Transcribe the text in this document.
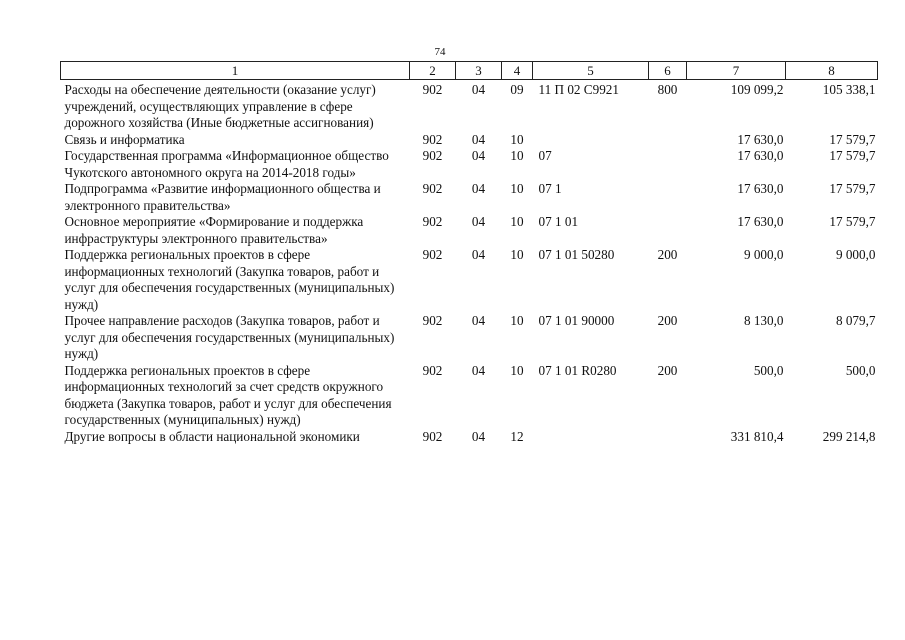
74
1	2	3	4	5	6	7	8
Расходы на обеспечение деятельности (оказание услуг) учреждений, осуществляющих управление в сфере дорожного хозяйства (Иные бюджетные ассигнования)	902	04	09	11 П 02 С9921	800	109 099,2	105 338,1
Связь и информатика	902	04	10			17 630,0	17 579,7
Государственная программа «Информационное общество Чукотского автономного округа на 2014-2018 годы»	902	04	10	07		17 630,0	17 579,7
Подпрограмма «Развитие информационного общества и электронного правительства»	902	04	10	07 1		17 630,0	17 579,7
Основное мероприятие «Формирование и поддержка инфраструктуры электронного правительства»	902	04	10	07 1 01		17 630,0	17 579,7
Поддержка региональных проектов в сфере информационных технологий (Закупка товаров, работ и услуг для обеспечения государственных (муниципальных) нужд)	902	04	10	07 1 01 50280	200	9 000,0	9 000,0
Прочее направление расходов (Закупка товаров, работ и услуг для обеспечения государственных (муниципальных) нужд)	902	04	10	07 1 01 90000	200	8 130,0	8 079,7
Поддержка региональных проектов в сфере информационных технологий за счет средств окружного бюджета (Закупка товаров, работ и услуг для обеспечения государственных (муниципальных) нужд)	902	04	10	07 1 01 R0280	200	500,0	500,0
Другие вопросы в области национальной экономики	902	04	12			331 810,4	299 214,8
